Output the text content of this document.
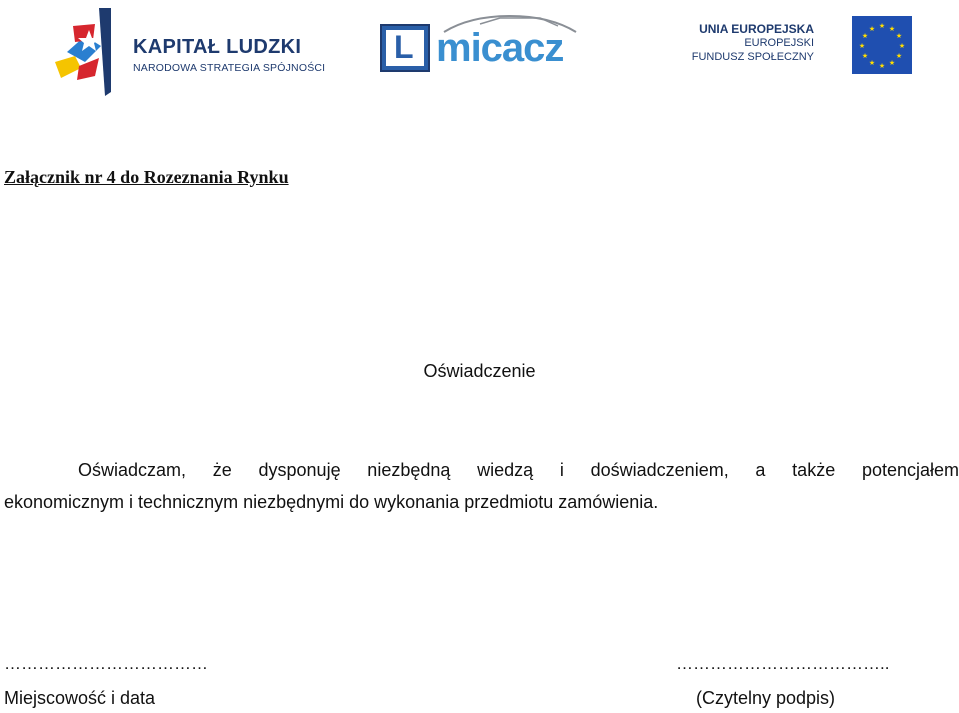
KAPITAŁ LUDZKI
NARODOWA STRATEGIA SPÓJNOŚCI
L micacz	UNIA EUROPEJSKA
EUROPEJSKI
FUNDUSZ SPOŁECZNY
★ ★
★
★
★
★
★
★
★
★
★
★
Załącznik nr 4 do Rozeznania Rynku
Oświadczenie
Oświadczam, że dysponuję niezbędną wiedzą i doświadczeniem, a także potencjałem
ekonomicznym i technicznym niezbędnymi do wykonania przedmiotu zamówienia.
………………………………	………………………………..
Miejscowość i data	(Czytelny podpis)
